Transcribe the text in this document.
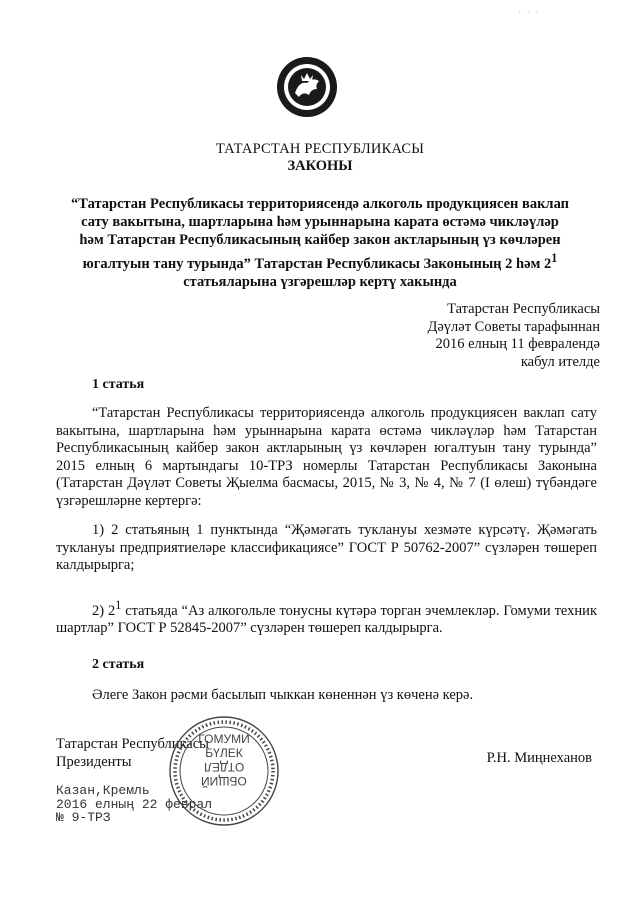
· · ·
ТАТАРСТАН РЕСПУБЛИКАСЫ
ЗАКОНЫ
“Татарстан Республикасы территориясендә алкоголь продукциясен ваклап сату вакытына, шартларына һәм урыннарына карата өстәмә чикләүләр һәм Татарстан Республикасының кайбер закон актларының үз көчләрен югалтуын тану турында” Татарстан Республикасы Законының 2 һәм $2^1$ статьяларына үзгәрешләр кертү хакында
Татарстан Республикасы
Дәүләт Советы тарафыннан
2016 елның 11 февралендә
кабул ителде
1 статья
“Татарстан Республикасы территориясендә алкоголь продукциясен ваклап сату вакытына, шартларына һәм урыннарына карата өстәмә чикләүләр һәм Татарстан Республикасының кайбер закон актларының үз көчләрен югалтуын тану турында” 2015 елның 6 мартындагы 10-ТРЗ номерлы Татарстан Республикасы Законына (Татарстан Дәүләт Советы Җыелма басмасы, 2015, № 3, № 4, № 7 (I өлеш) түбәндәге үзгәрешләрне кертергә:
1) 2 статьяның 1 пунктында “Җәмәгать туклануы хезмәте күрсәтү. Җәмәгать туклануы предприятиеләре классификациясе” ГОСТ Р 50762-2007” сүзләрен төшереп калдырырга;
2) $2^1$ статьяда “Аз алкогольле тонусны күтәрә торган эчемлекләр. Гомуми техник шартлар” ГОСТ Р 52845-2007” сүзләрен төшереп калдырырга.
2 статья
Әлеге Закон рәсми басылып чыккан көненнән үз көченә керә.
Татарстан Республикасы
Президенты	Р.Н. Миңнеханов
Казан,Кремль
2016 елның 22 феврал
№ 9-ТРЗ
ГОМУМИ
БҮЛЕК
ОТДЕЛ
ОБЩИЙ
